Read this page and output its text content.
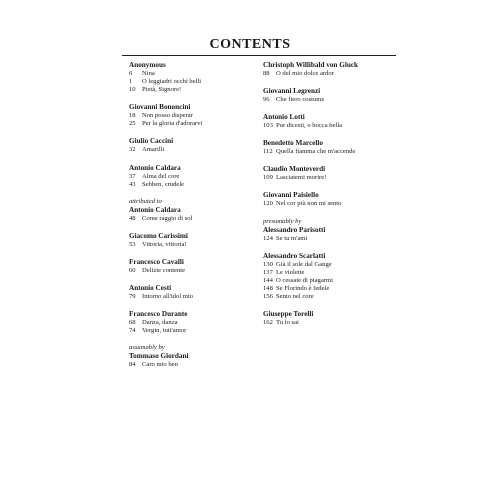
CONTENTS
Anonymous
6	Nina
1	O leggiadri occhi belli
10 Pietà, Signore!
Giovanni Bononcini
18 Non posso disperar
25 Per la gloria d'adorarvi
Giulio Caccini
32 Amarilli
Antonio Caldara
37 Alma del core
43 Sebben, crudele
attributed to
Antonio Caldara
48 Come raggio di sol
Giacomo Carissimi
53 Vittoria, vittoria!
Francesco Cavalli
60 Delizie contente
Antonio Cesti
79 Intorno all'idol mio
Francesco Durante
68 Danza, danza
74 Vergin, tutt'amor
assumably by
Tommaso Giordani
84 Caro mio ben
Christoph Willibald von Gluck
88 O del mio dolce ardor
Giovanni Legrenzi
96 Che fiero costume
Antonio Lotti
103 Pur dicesti, o bocca bella
Benedetto Marcello
112 Quella fiamma che m'accende
Claudio Monteverdi
109 Lasciatemi morire!
Giovanni Paisiello
120 Nel cor più non mi sento
presumably by
Alessandro Parisotti
124 Se tu m'ami
Alessandro Scarlatti
130 Già il sole dal Gange
137 Le violette
144 O cessate di piagarmi
148 Se Florindo è fedele
156 Sento nel core
Giuseppe Torelli
162 Tu lo sai
